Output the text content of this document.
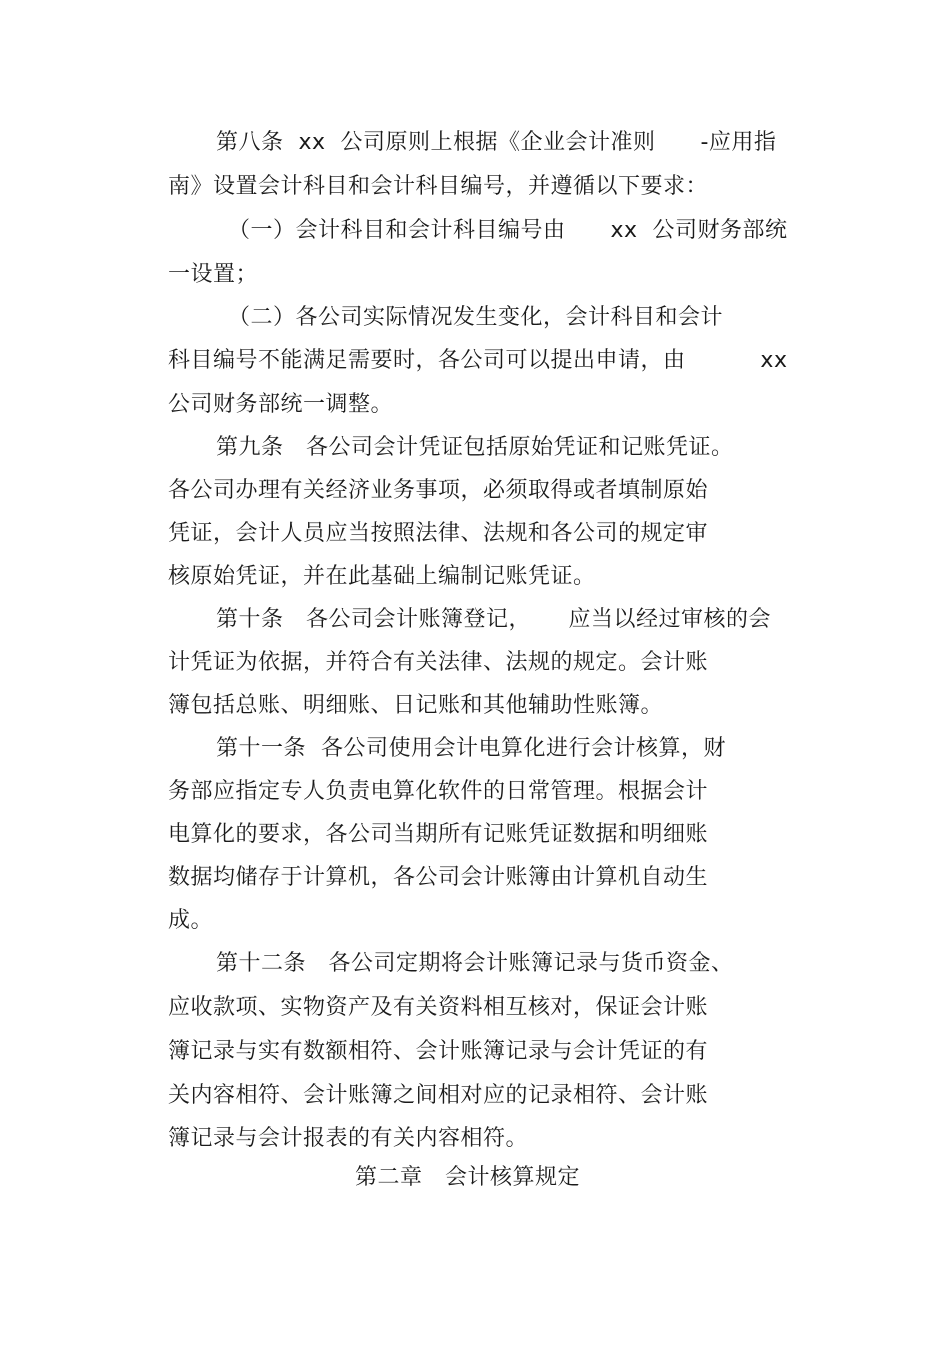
第八条  xx  公司原则上根据《企业会计准则      -应用指
南》设置会计科目和会计科目编号，并遵循以下要求：
（一）会计科目和会计科目编号由      xx  公司财务部统
一设置；
（二）各公司实际情况发生变化，会计科目和会计
科目编号不能满足需要时，各公司可以提出申请，由          xx
公司财务部统一调整。
第九条   各公司会计凭证包括原始凭证和记账凭证。
各公司办理有关经济业务事项，必须取得或者填制原始
凭证，会计人员应当按照法律、法规和各公司的规定审
核原始凭证，并在此基础上编制记账凭证。
第十条   各公司会计账簿登记，     应当以经过审核的会
计凭证为依据，并符合有关法律、法规的规定。会计账
簿包括总账、明细账、日记账和其他辅助性账簿。
第十一条  各公司使用会计电算化进行会计核算，财
务部应指定专人负责电算化软件的日常管理。根据会计
电算化的要求，各公司当期所有记账凭证数据和明细账
数据均储存于计算机，各公司会计账簿由计算机自动生
成。
第十二条   各公司定期将会计账簿记录与货币资金、
应收款项、实物资产及有关资料相互核对，保证会计账
簿记录与实有数额相符、会计账簿记录与会计凭证的有
关内容相符、会计账簿之间相对应的记录相符、会计账
簿记录与会计报表的有关内容相符。
第二章   会计核算规定
